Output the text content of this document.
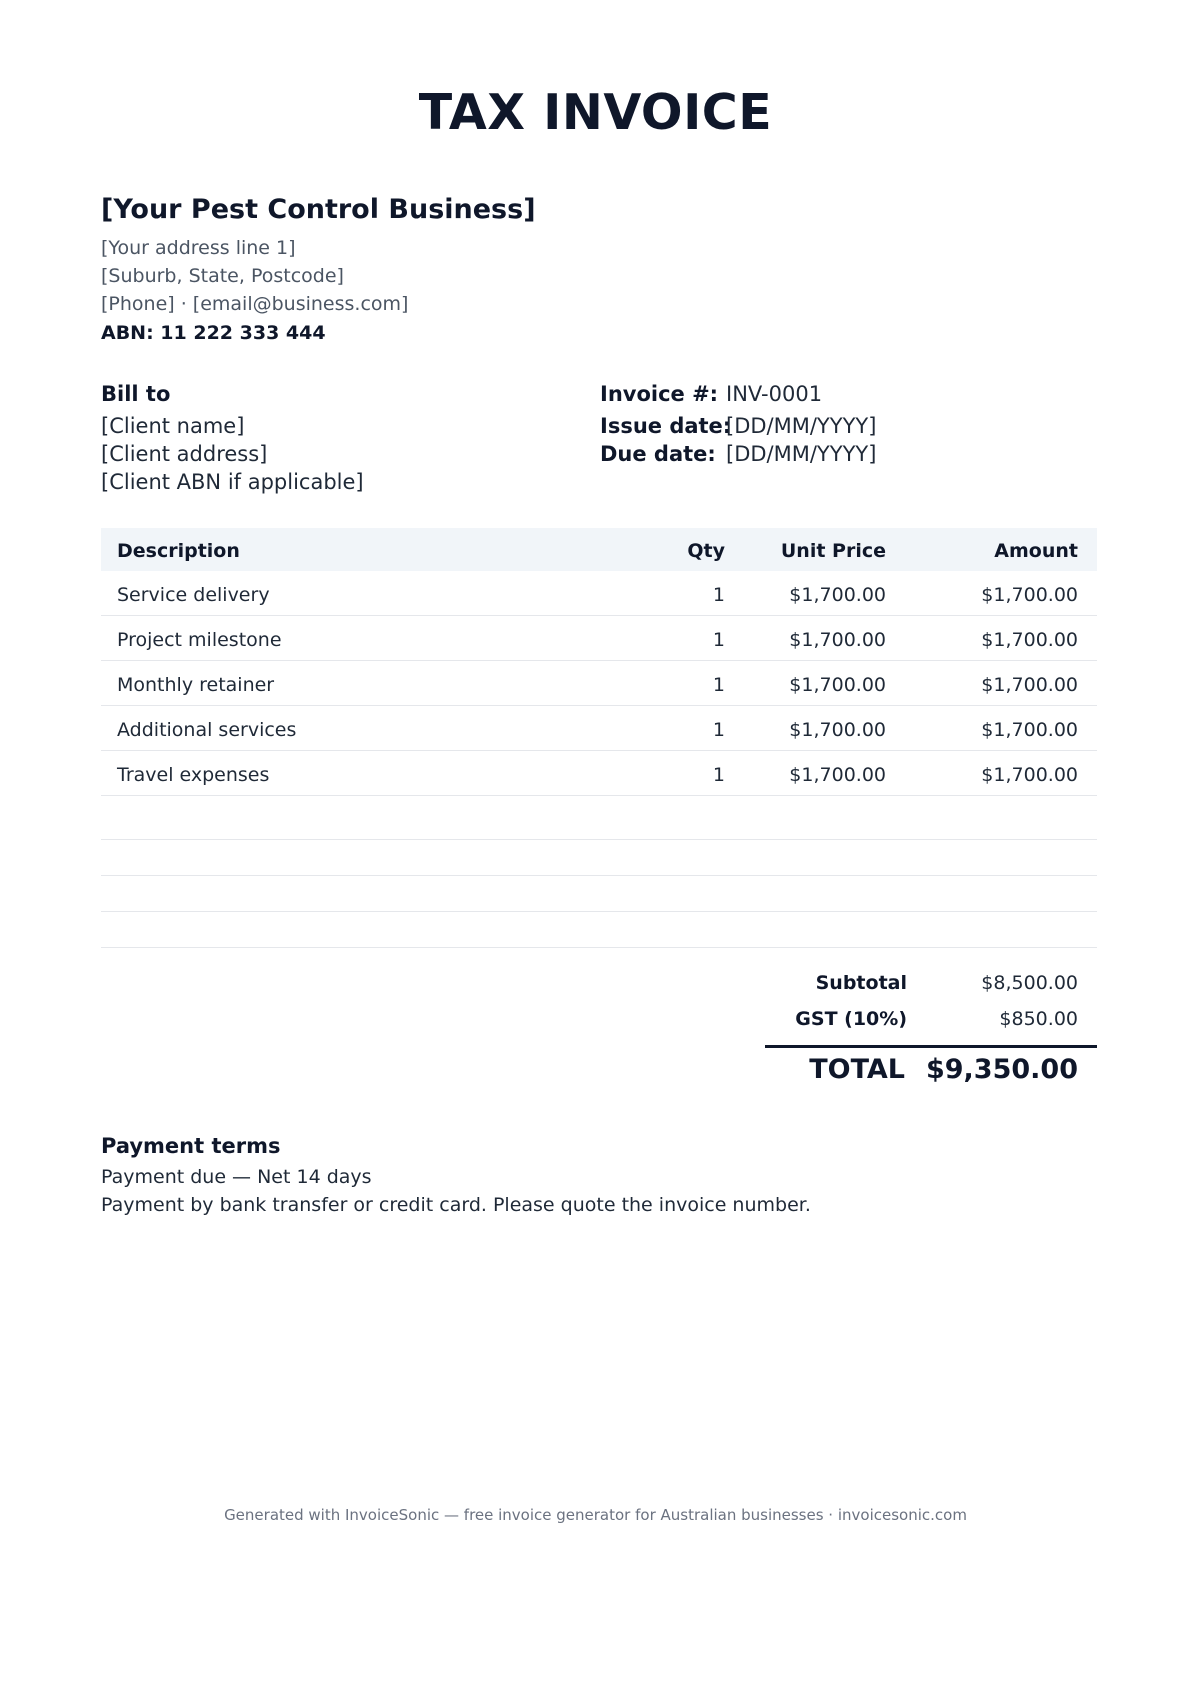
TAX INVOICE
[Your Pest Control Business]
[Your address line 1]
[Suburb, State, Postcode]
[Phone] · [email@business.com]
ABN: 11 222 333 444
Bill to
[Client name]
[Client address]
[Client ABN if applicable]
Invoice #: INV-0001
Issue date:
[DD/MM/YYYY]
Due date: [DD/MM/YYYY]
Description	Qty	Unit Price	Amount
Service delivery	1	$1,700.00	$1,700.00
Project milestone	1	$1,700.00	$1,700.00
Monthly retainer	1	$1,700.00	$1,700.00
Additional services	1	$1,700.00	$1,700.00
Travel expenses	1	$1,700.00	$1,700.00
Subtotal	$8,500.00
GST (10%)	$850.00
TOTAL $9,350.00
Payment terms
Payment due — Net 14 days
Payment by bank transfer or credit card. Please quote the invoice number.
Generated with InvoiceSonic — free invoice generator for Australian businesses · invoicesonic.com
